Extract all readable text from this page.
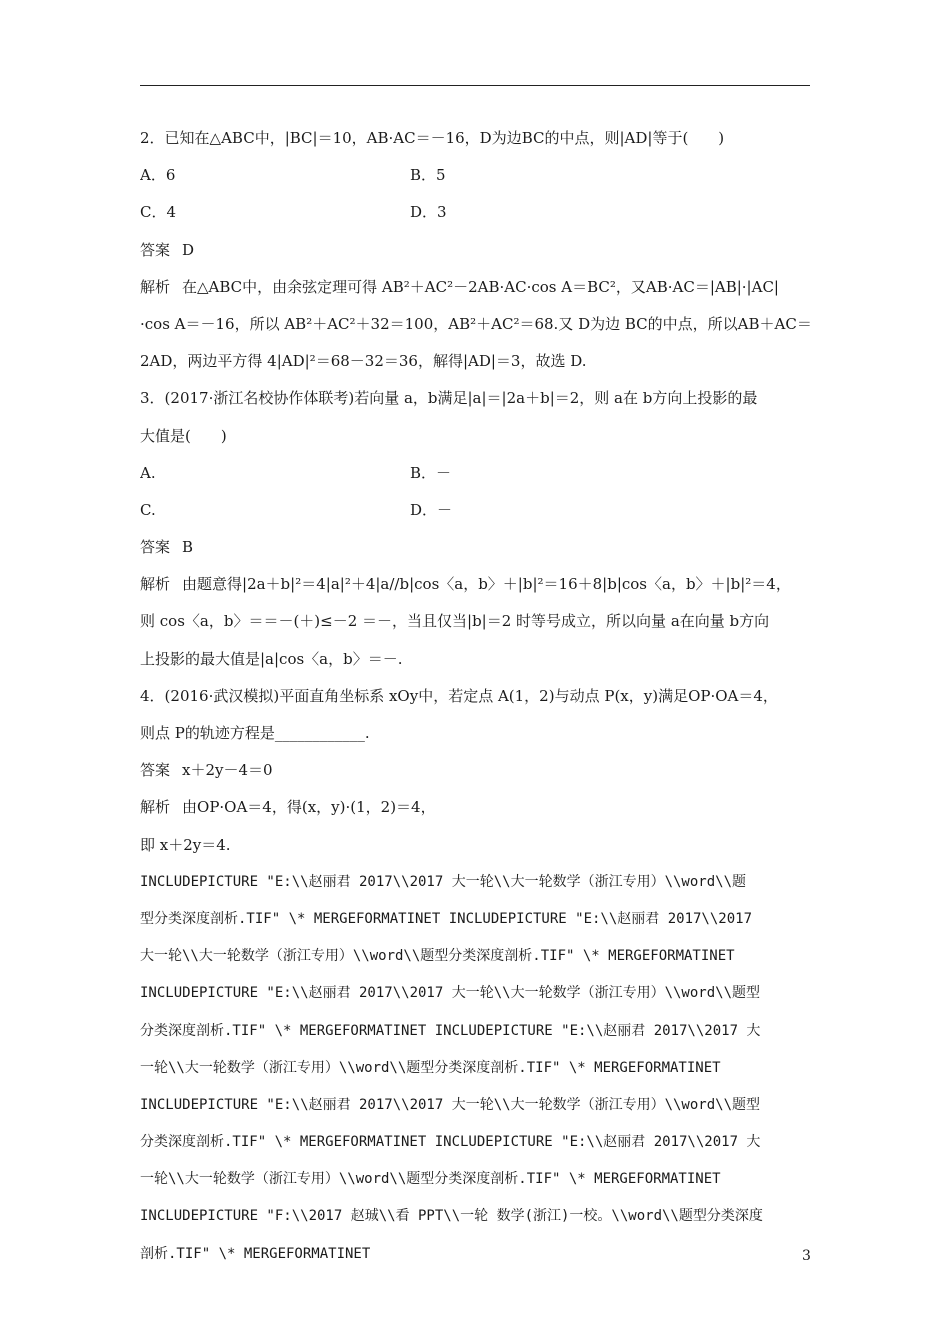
2．已知在△ABC中，|BC|＝10，AB·AC＝－16，D为边BC的中点，则|AD|等于(　　)
A．6	B．5
C．4	D．3
答案 D
解析 在△ABC中，由余弦定理可得 AB²＋AC²－2AB·AC·cos A＝BC²，又AB·AC＝|AB|·|AC|
·cos A＝－16，所以 AB²＋AC²＋32＝100，AB²＋AC²＝68.又 D为边 BC的中点，所以AB＋AC＝
2AD，两边平方得 4|AD|²＝68－32＝36，解得|AD|＝3，故选 D.
3．(2017·浙江名校协作体联考)若向量 a，b满足|a|＝|2a＋b|＝2，则 a在 b方向上投影的最
大值是(　　)
A.	B．－
C.	D．－
答案 B
解析 由题意得|2a＋b|²＝4|a|²＋4|a//b|cos〈a，b〉＋|b|²＝16＋8|b|cos〈a，b〉＋|b|²＝4，
则 cos〈a，b〉＝＝－(＋)≤－2 ＝－，当且仅当|b|＝2 时等号成立，所以向量 a在向量 b方向
上投影的最大值是|a|cos〈a，b〉＝－.
4．(2016·武汉模拟)平面直角坐标系 xOy中，若定点 A(1，2)与动点 P(x，y)满足OP·OA＝4，
则点 P的轨迹方程是____________.
答案 x＋2y－4＝0
解析 由OP·OA＝4，得(x，y)·(1，2)＝4，
即 x＋2y＝4.
INCLUDEPICTURE "E:\\赵丽君 2017\\2017 大一轮\\大一轮数学（浙江专用）\\word\\题
型分类深度剖析.TIF" \* MERGEFORMATINET INCLUDEPICTURE "E:\\赵丽君 2017\\2017
大一轮\\大一轮数学（浙江专用）\\word\\题型分类深度剖析.TIF" \* MERGEFORMATINET
INCLUDEPICTURE "E:\\赵丽君 2017\\2017 大一轮\\大一轮数学（浙江专用）\\word\\题型
分类深度剖析.TIF" \* MERGEFORMATINET INCLUDEPICTURE "E:\\赵丽君 2017\\2017 大
一轮\\大一轮数学（浙江专用）\\word\\题型分类深度剖析.TIF" \* MERGEFORMATINET
INCLUDEPICTURE "E:\\赵丽君 2017\\2017 大一轮\\大一轮数学（浙江专用）\\word\\题型
分类深度剖析.TIF" \* MERGEFORMATINET INCLUDEPICTURE "E:\\赵丽君 2017\\2017 大
一轮\\大一轮数学（浙江专用）\\word\\题型分类深度剖析.TIF" \* MERGEFORMATINET
INCLUDEPICTURE "F:\\2017 赵珹\\看 PPT\\一轮 数学(浙江)一校。\\word\\题型分类深度
剖析.TIF" \* MERGEFORMATINET	3
